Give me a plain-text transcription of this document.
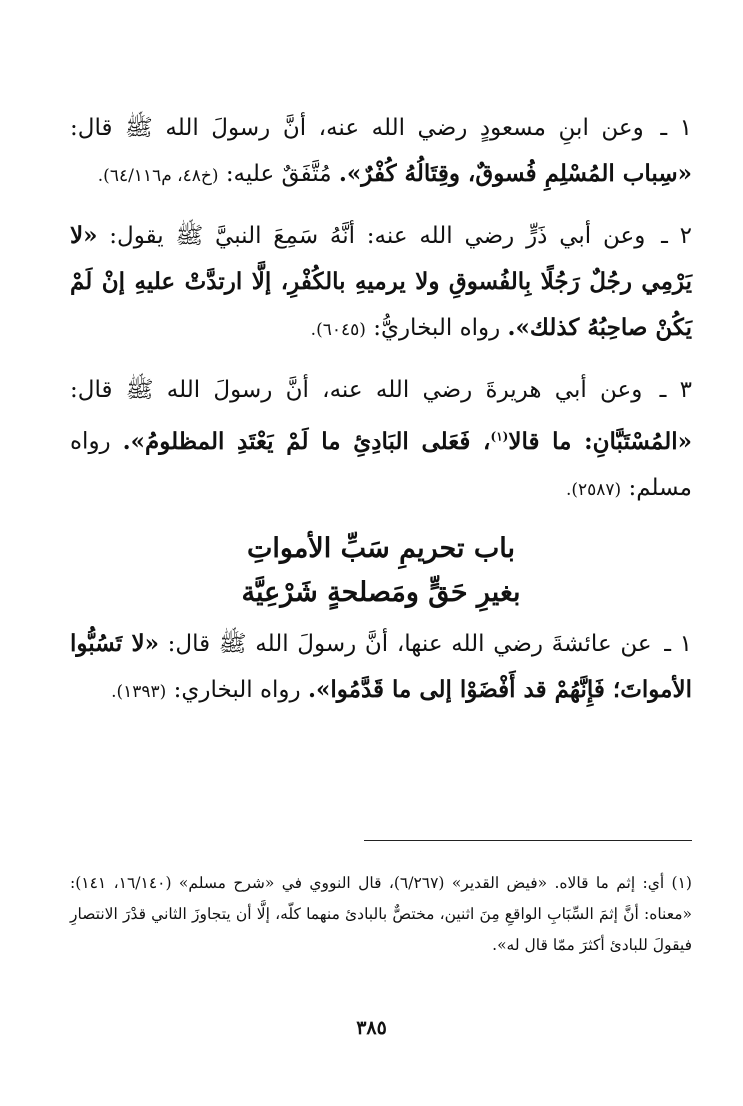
١ ـ وعن ابنِ مسعودٍ رضي الله عنه، أنَّ رسولَ الله ﷺ قال: «سِباب المُسْلِمِ فُسوقٌ، وقِتَالُهُ كُفْرٌ». مُتَّفَقٌ عليه: (خ٤٨، م٦٤/١١٦).

٢ ـ وعن أبي ذَرٍّ رضي الله عنه: أنَّهُ سَمِعَ النبيَّ ﷺ يقول: «لا يَرْمِي رجُلٌ رَجُلًا بِالفُسوقِ ولا يرميهِ بالكُفْرِ، إلَّا ارتدَّتْ عليهِ إنْ لَمْ يَكُنْ صاحِبُهُ كذلك». رواه البخاريُّ: (٦٠٤٥).

٣ ـ وعن أبي هريرةَ رضي الله عنه، أنَّ رسولَ الله ﷺ قال: «المُسْتَبَّانِ: ما قالا$^{(١)}$، فَعَلى البَادِئِ ما لَمْ يَعْتَدِ المظلومُ». رواه مسلم: (٢٥٨٧).

باب تحريمِ سَبِّ الأمواتِ
بغيرِ حَقٍّ ومَصلحةٍ شَرْعِيَّة

١ ـ عن عائشةَ رضي الله عنها، أنَّ رسولَ الله ﷺ قال: «لا تَسُبُّوا الأمواتَ؛ فَإِنَّهُمْ قد أَفْضَوْا إلى ما قَدَّمُوا». رواه البخاري: (١٣٩٣).

(١) أي: إثم ما قالاه. «فيض القدير» (٦/٢٦٧)، قال النووي في «شرح مسلم» (١٦/١٤٠، ١٤١): «معناه: أنَّ إثمَ السِّبَابِ الواقعِ مِنَ اثنين، مختصٌّ بالبادئ منهما كلّه، إلَّا أن يتجاوزَ الثاني قدْرَ الانتصارِ فيقولَ للبادئ أكثرَ ممّا قال له».

٣٨٥
